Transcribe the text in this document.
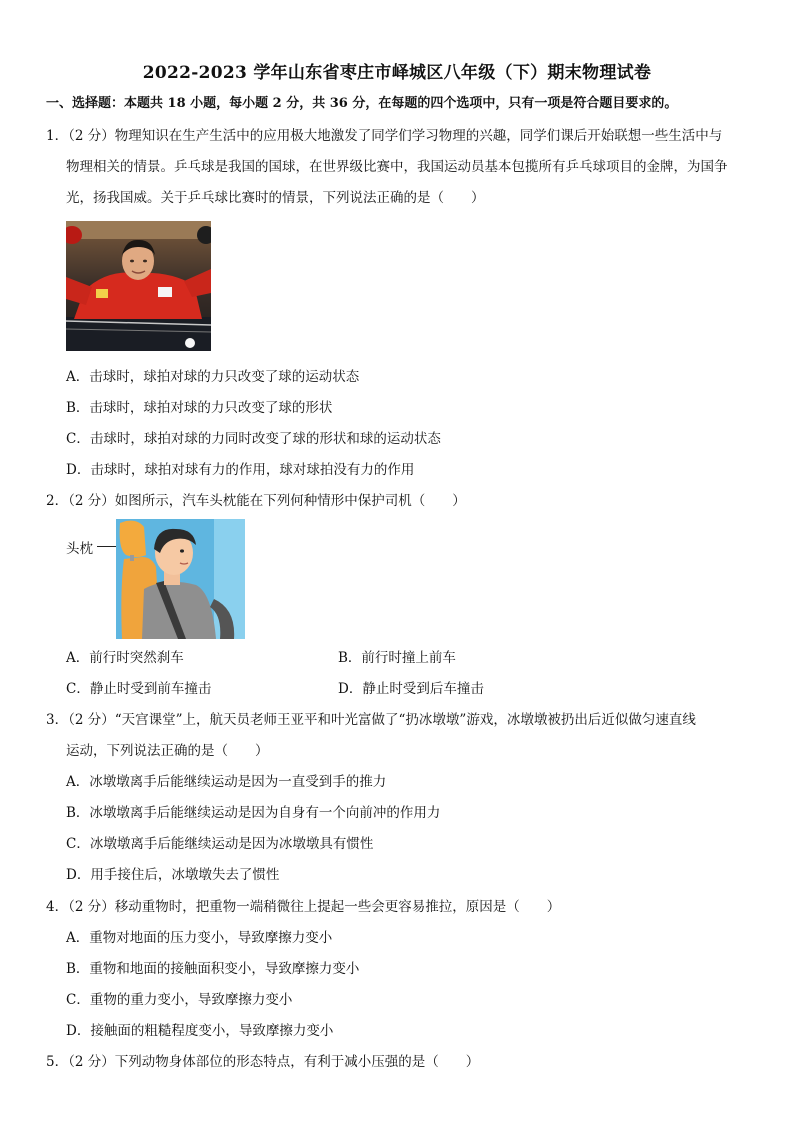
2022-2023 学年山东省枣庄市峄城区八年级（下）期末物理试卷
一、选择题：本题共 18 小题，每小题 2 分，共 36 分，在每题的四个选项中，只有一项是符合题目要求的。
1．（2 分）物理知识在生产生活中的应用极大地激发了同学们学习物理的兴趣，同学们课后开始联想一些生活中与
物理相关的情景。乒乓球是我国的国球，在世界级比赛中，我国运动员基本包揽所有乒乓球项目的金牌，为国争
光，扬我国威。关于乒乓球比赛时的情景，下列说法正确的是（　　）
A．击球时，球拍对球的力只改变了球的运动状态
B．击球时，球拍对球的力只改变了球的形状
C．击球时，球拍对球的力同时改变了球的形状和球的运动状态
D．击球时，球拍对球有力的作用，球对球拍没有力的作用
2．（2 分）如图所示，汽车头枕能在下列何种情形中保护司机（　　）
头枕
A．前行时突然刹车	B．前行时撞上前车
C．静止时受到前车撞击	D．静止时受到后车撞击
3．（2 分）“天宫课堂”上，航天员老师王亚平和叶光富做了“扔冰墩墩”游戏，冰墩墩被扔出后近似做匀速直线
运动，下列说法正确的是（　　）
A．冰墩墩离手后能继续运动是因为一直受到手的推力
B．冰墩墩离手后能继续运动是因为自身有一个向前冲的作用力
C．冰墩墩离手后能继续运动是因为冰墩墩具有惯性
D．用手接住后，冰墩墩失去了惯性
4．（2 分）移动重物时，把重物一端稍微往上提起一些会更容易推拉，原因是（　　）
A．重物对地面的压力变小，导致摩擦力变小
B．重物和地面的接触面积变小，导致摩擦力变小
C．重物的重力变小，导致摩擦力变小
D．接触面的粗糙程度变小，导致摩擦力变小
5．（2 分）下列动物身体部位的形态特点，有利于减小压强的是（　　）
